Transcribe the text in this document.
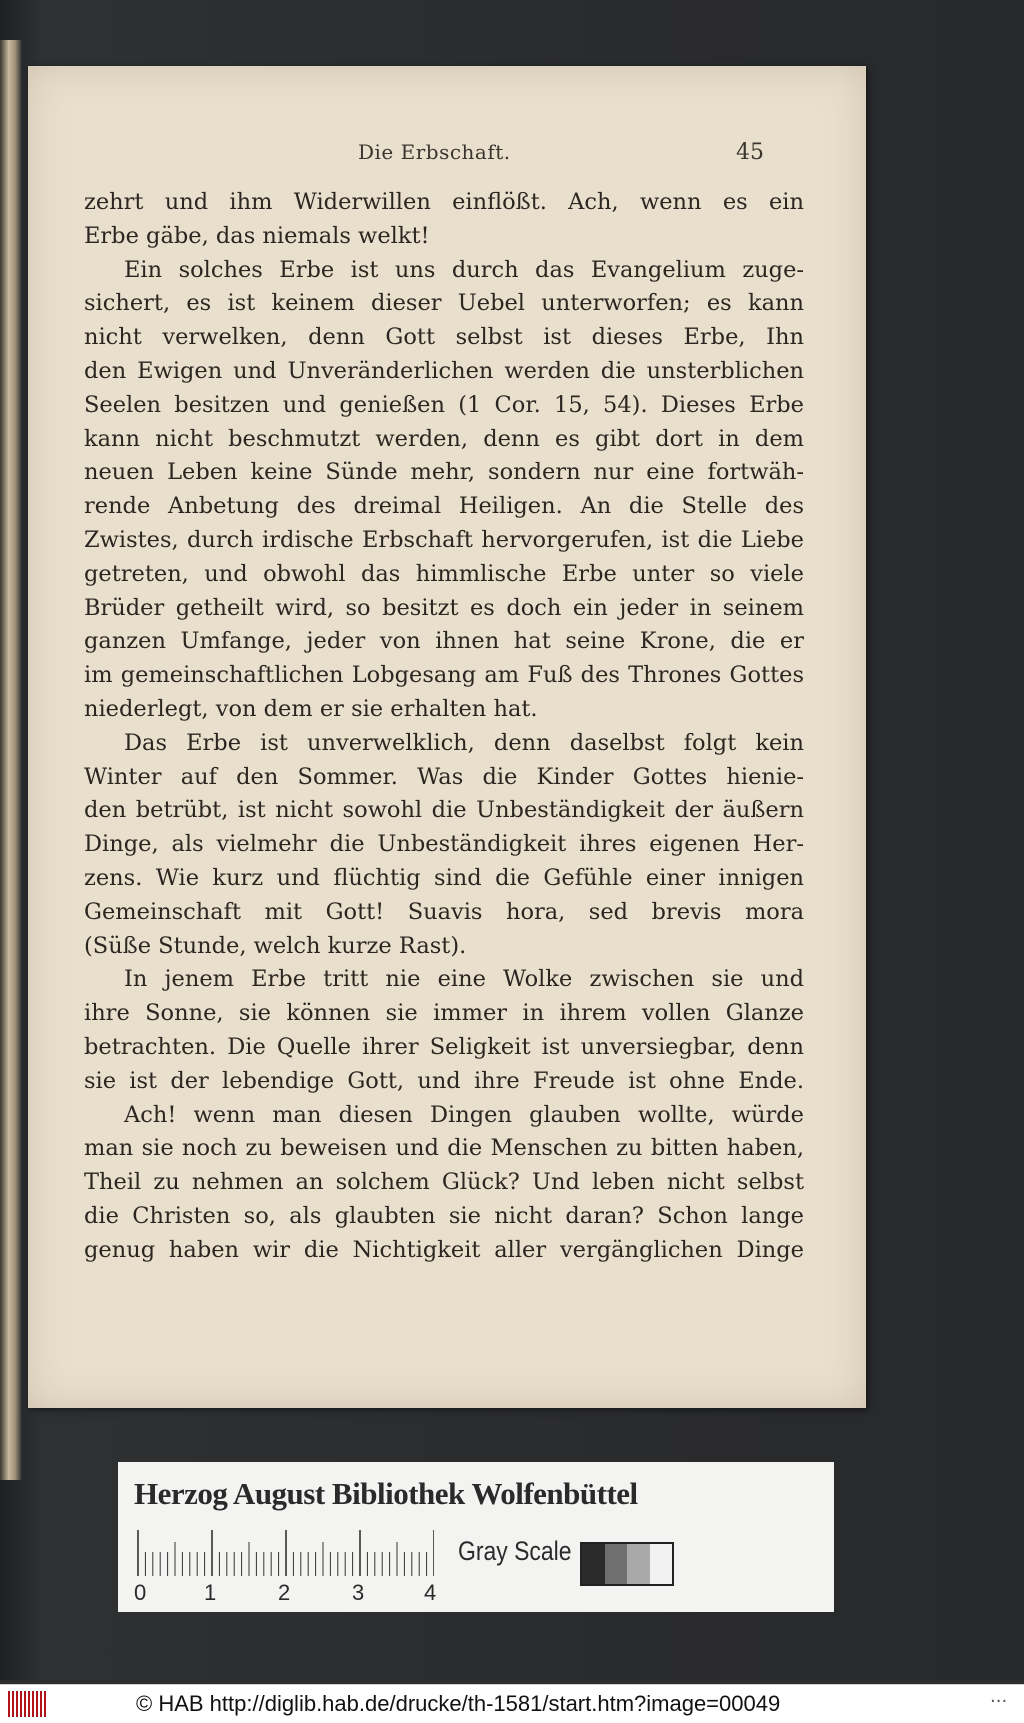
Die Erbschaft.	45
zehrt und ihm Widerwillen einflößt. Ach, wenn es ein
Erbe gäbe, das niemals welkt!
Ein solches Erbe ist uns durch das Evangelium zuge-
sichert, es ist keinem dieser Uebel unterworfen; es kann
nicht verwelken, denn Gott selbst ist dieses Erbe, Ihn
den Ewigen und Unveränderlichen werden die unsterblichen
Seelen besitzen und genießen (1 Cor. 15, 54). Dieses Erbe
kann nicht beschmutzt werden, denn es gibt dort in dem
neuen Leben keine Sünde mehr, sondern nur eine fortwäh-
rende Anbetung des dreimal Heiligen. An die Stelle des
Zwistes, durch irdische Erbschaft hervorgerufen, ist die Liebe
getreten, und obwohl das himmlische Erbe unter so viele
Brüder getheilt wird, so besitzt es doch ein jeder in seinem
ganzen Umfange, jeder von ihnen hat seine Krone, die er
im gemeinschaftlichen Lobgesang am Fuß des Thrones Gottes
niederlegt, von dem er sie erhalten hat.
Das Erbe ist unverwelklich, denn daselbst folgt kein
Winter auf den Sommer. Was die Kinder Gottes hienie-
den betrübt, ist nicht sowohl die Unbeständigkeit der äußern
Dinge, als vielmehr die Unbeständigkeit ihres eigenen Her-
zens. Wie kurz und flüchtig sind die Gefühle einer innigen
Gemeinschaft mit Gott! Suavis hora, sed brevis mora
(Süße Stunde, welch kurze Rast).
In jenem Erbe tritt nie eine Wolke zwischen sie und
ihre Sonne, sie können sie immer in ihrem vollen Glanze
betrachten. Die Quelle ihrer Seligkeit ist unversiegbar, denn
sie ist der lebendige Gott, und ihre Freude ist ohne Ende.
Ach! wenn man diesen Dingen glauben wollte, würde
man sie noch zu beweisen und die Menschen zu bitten haben,
Theil zu nehmen an solchem Glück? Und leben nicht selbst
die Christen so, als glaubten sie nicht daran? Schon lange
genug haben wir die Nichtigkeit aller vergänglichen Dinge
Herzog August Bibliothek Wolfenbüttel
0	1	2	3	4
Gray Scale
© HAB http://diglib.hab.de/drucke/th-1581/start.htm?image=00049	···
